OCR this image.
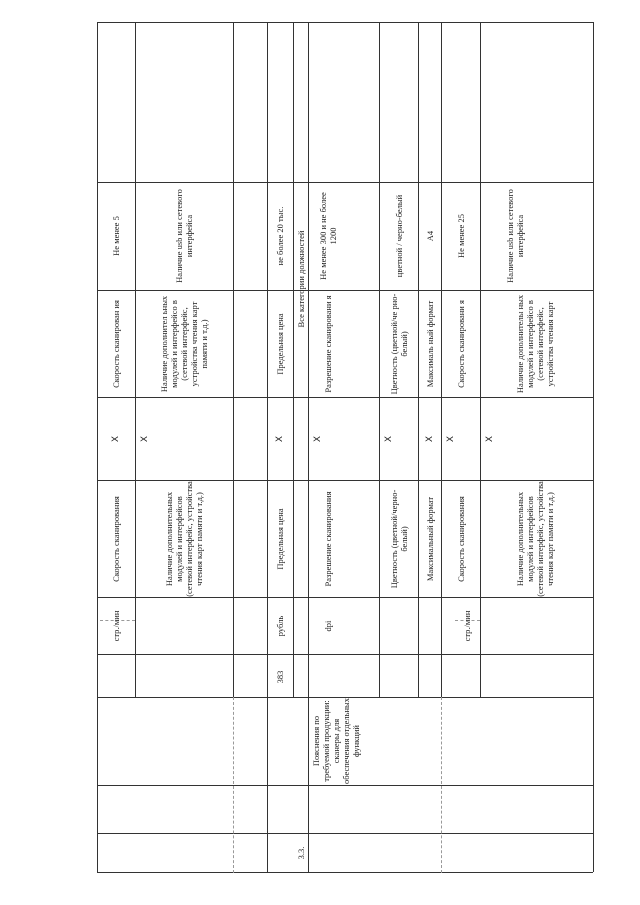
3.3.
Пояснения по требуемой продукции: сканеры для обеспечения отдельных функций
стр./мин
Скорость сканирования
X
Скорость сканирован ия
Не менее 5
Наличие дополнительных модулей и интерфейсов (сетевой интерфейс, устройства чтения карт памяти и т.д.)
X
Наличие дополнител ьных модулей и интерфейсо в (сетевой интерфейс, устройства чтения карт памяти и т.д.)
Наличие usb или сетевого интерфейса
383
рубль
Предельная цена
X
Предельная цена
не более 20 тыс. Все категории должностей
dpi
Разрешение сканирования
X
Разрешение сканировани я
Не менее 300 и не более 1200
Цветность (цветной/черно-белый)
X
Цветность (цветной/че рно-белый)
цветной / черно-белый
Максимальный формат
X
Максималь ный формат
А4
стр./мин
Скорость сканирования
X
Скорость сканировани я
Не менее 25
Наличие дополнительных модулей и интерфейсов (сетевой интерфейс, устройства чтения карт памяти и т.д.)
X
Наличие дополнителы ных модулей и интерфейсо в (сетевой интерфейс, устройства чтения карт
Наличие usb или сетевого интерфейса
